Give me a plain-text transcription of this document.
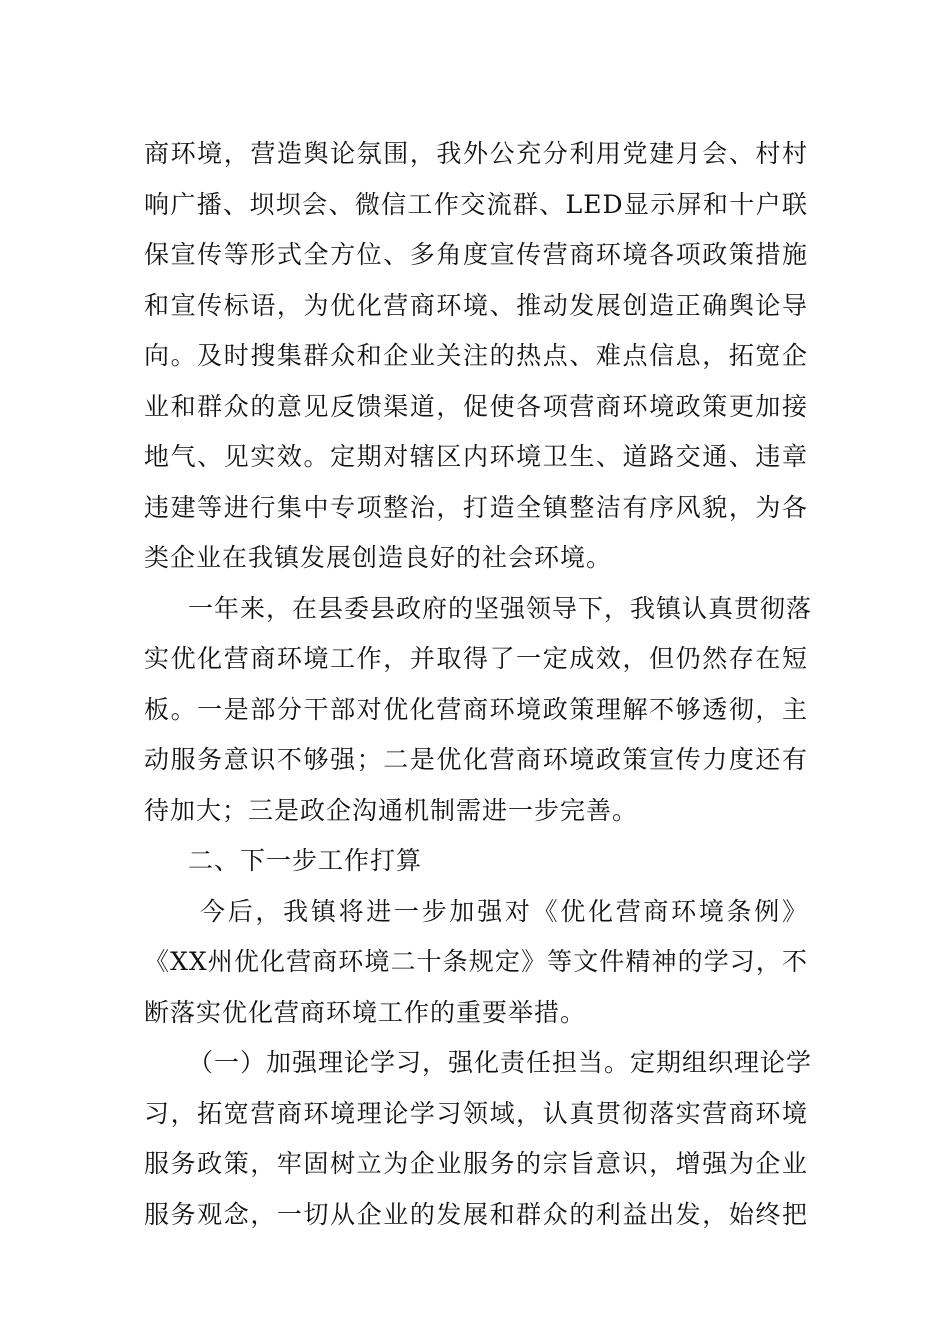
商环境，营造舆论氛围，我外公充分利用党建月会、村村
响广播、坝坝会、微信工作交流群、LED显示屏和十户联
保宣传等形式全方位、多角度宣传营商环境各项政策措施
和宣传标语，为优化营商环境、推动发展创造正确舆论导
向。及时搜集群众和企业关注的热点、难点信息，拓宽企
业和群众的意见反馈渠道，促使各项营商环境政策更加接
地气、见实效。定期对辖区内环境卫生、道路交通、违章
违建等进行集中专项整治，打造全镇整洁有序风貌，为各
类企业在我镇发展创造良好的社会环境。
一年来，在县委县政府的坚强领导下，我镇认真贯彻落
实优化营商环境工作，并取得了一定成效，但仍然存在短
板。一是部分干部对优化营商环境政策理解不够透彻，主
动服务意识不够强；二是优化营商环境政策宣传力度还有
待加大；三是政企沟通机制需进一步完善。
二、下一步工作打算
今后，我镇将进一步加强对《优化营商环境条例》
《XX州优化营商环境二十条规定》等文件精神的学习，不
断落实优化营商环境工作的重要举措。
（一）加强理论学习，强化责任担当。定期组织理论学
习，拓宽营商环境理论学习领域，认真贯彻落实营商环境
服务政策，牢固树立为企业服务的宗旨意识，增强为企业
服务观念，一切从企业的发展和群众的利益出发，始终把
